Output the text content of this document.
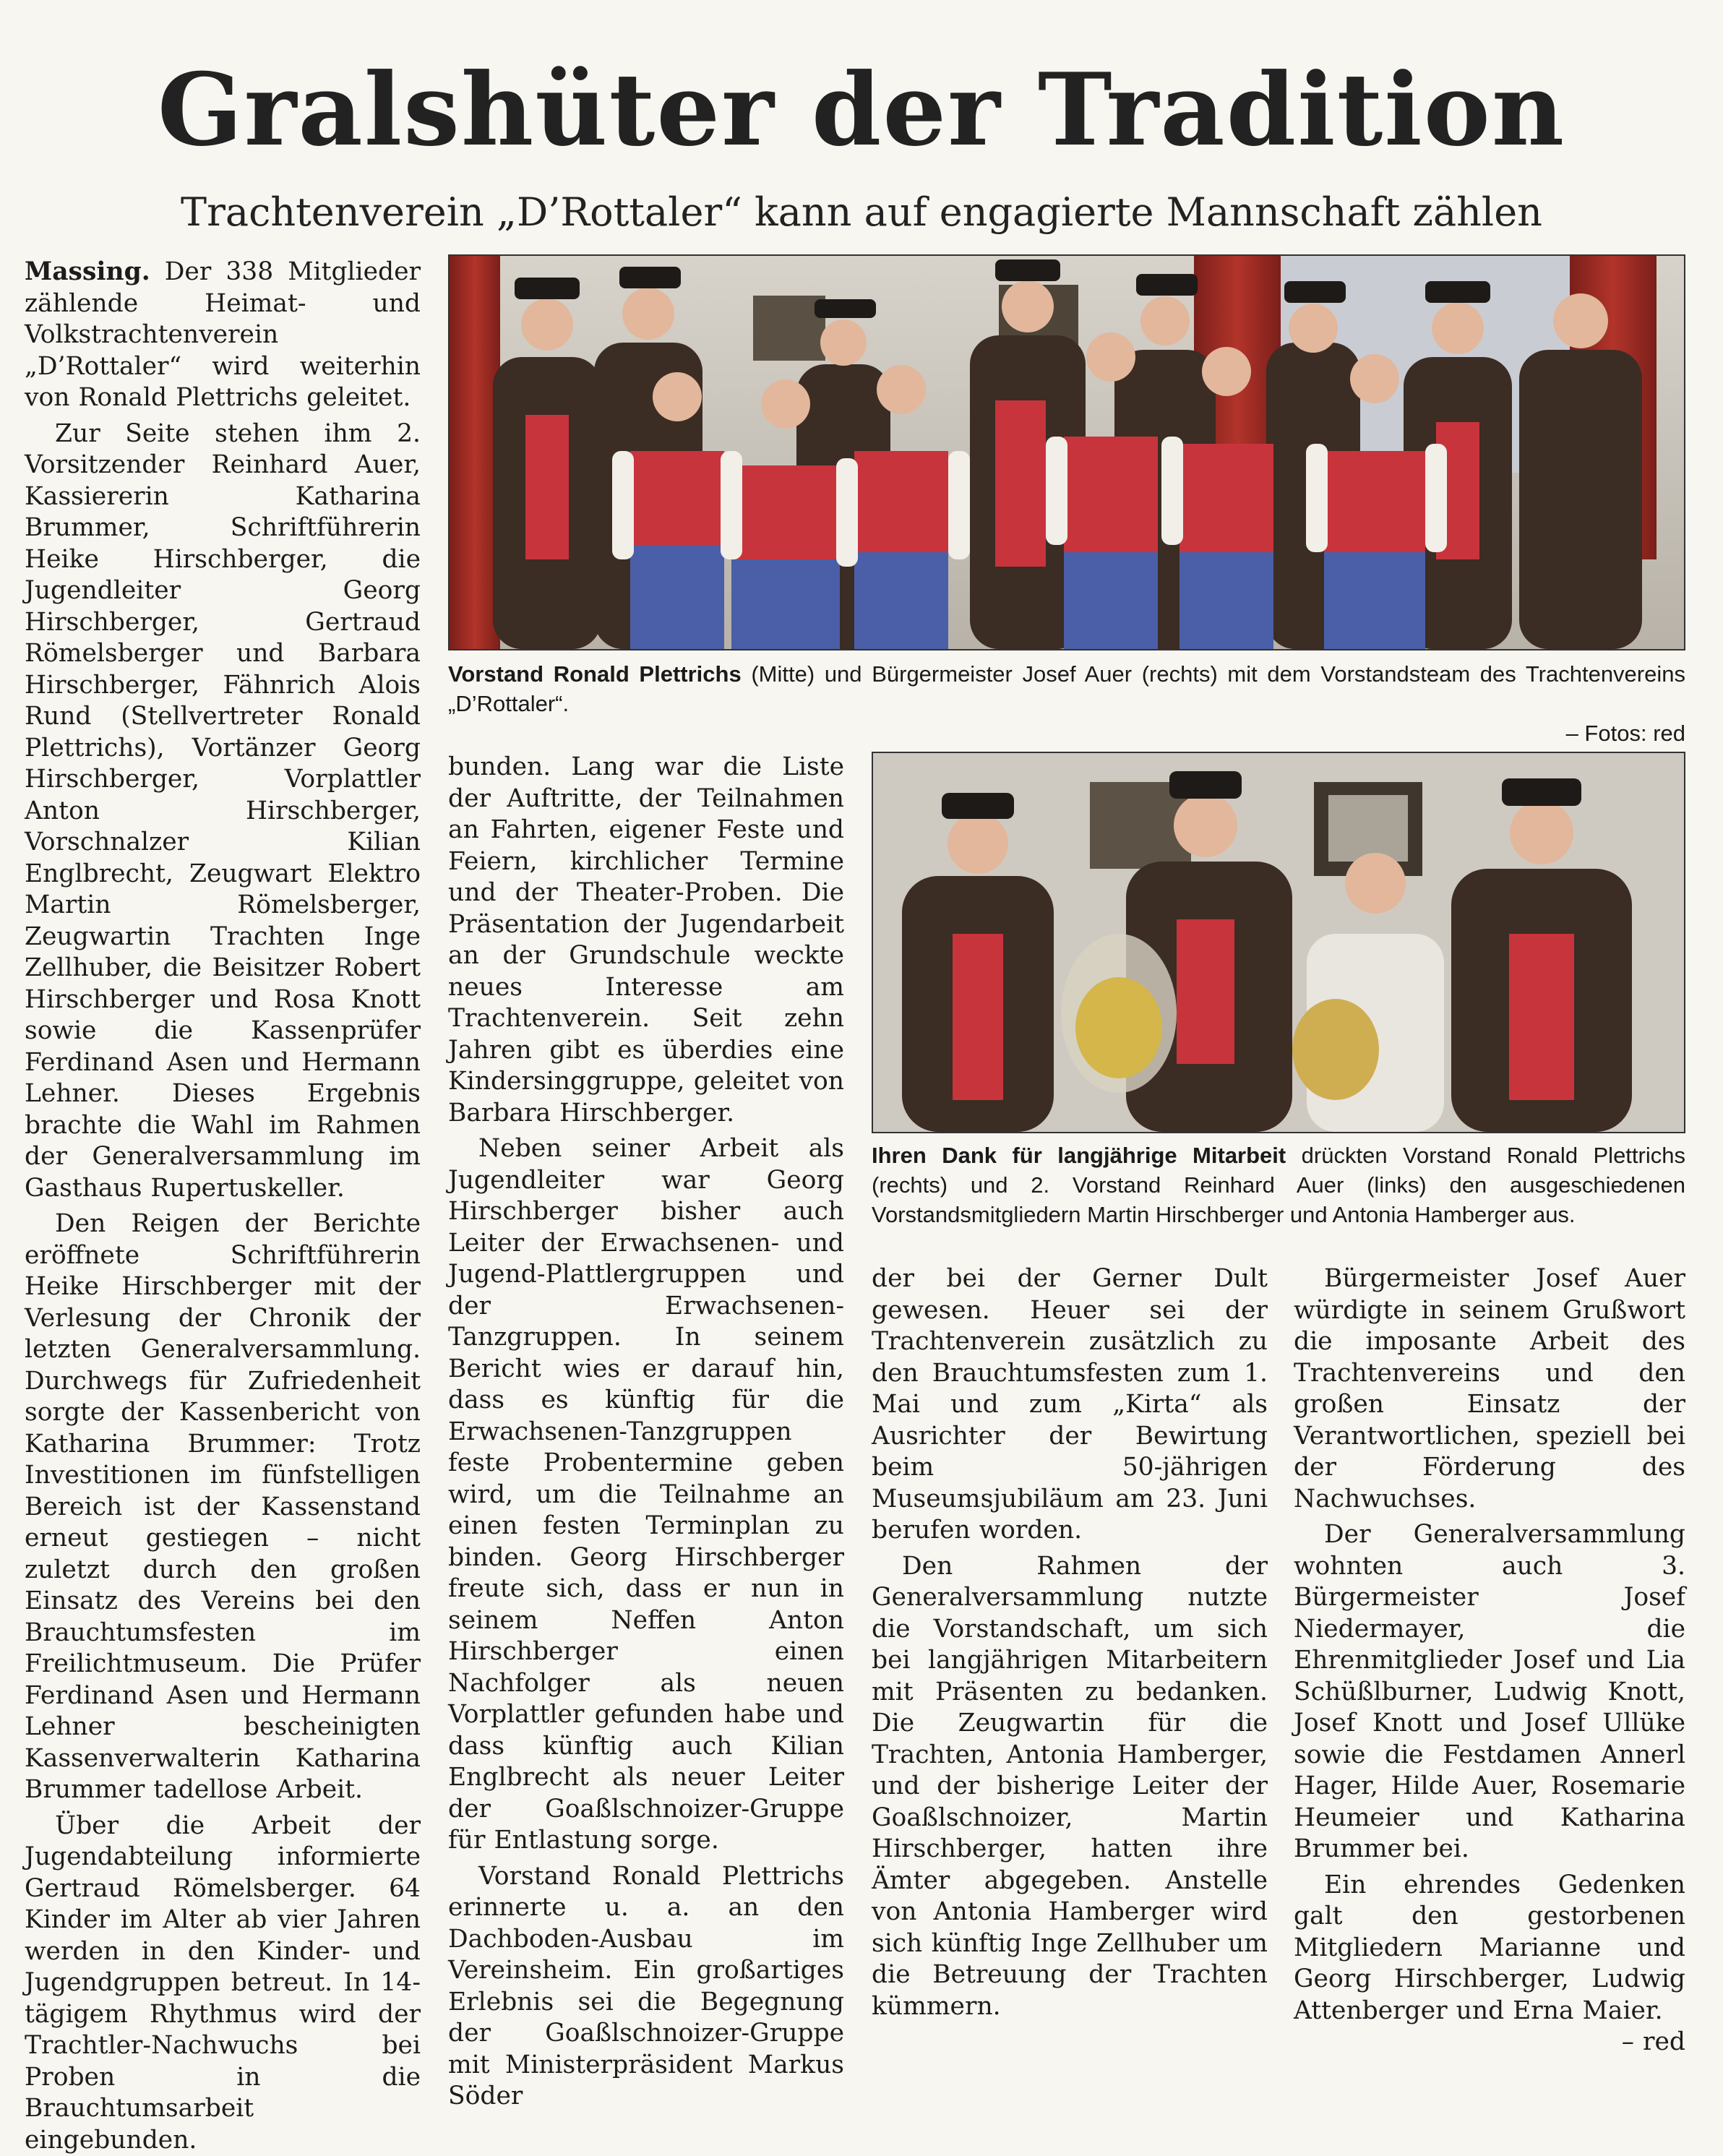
Gralshüter der Tradition
Trachtenverein „D’Rottaler“ kann auf engagierte Mannschaft zählen

Massing. Der 338 Mitglieder zählende Heimat- und Volkstrachtenverein „D’Rottaler“ wird weiterhin von Ronald Plettrichs geleitet.

Zur Seite stehen ihm 2. Vorsitzender Reinhard Auer, Kassiererin Katharina Brummer, Schriftführerin Heike Hirschberger, die Jugendleiter Georg Hirschberger, Gertraud Römelsberger und Barbara Hirschberger, Fähnrich Alois Rund (Stellvertreter Ronald Plettrichs), Vortänzer Georg Hirschberger, Vorplattler Anton Hirschberger, Vorschnalzer Kilian Englbrecht, Zeugwart Elektro Martin Römelsberger, Zeugwartin Trachten Inge Zellhuber, die Beisitzer Robert Hirschberger und Rosa Knott sowie die Kassenprüfer Ferdinand Asen und Hermann Lehner. Dieses Ergebnis brachte die Wahl im Rahmen der Generalversammlung im Gasthaus Rupertuskeller.

Den Reigen der Berichte eröffnete Schriftführerin Heike Hirschberger mit der Verlesung der Chronik der letzten Generalversammlung. Durchwegs für Zufriedenheit sorgte der Kassenbericht von Katharina Brummer: Trotz Investitionen im fünfstelligen Bereich ist der Kassenstand erneut gestiegen – nicht zuletzt durch den großen Einsatz des Vereins bei den Brauchtumsfesten im Freilichtmuseum. Die Prüfer Ferdinand Asen und Hermann Lehner bescheinigten Kassenverwalterin Katharina Brummer tadellose Arbeit.

Über die Arbeit der Jugendabteilung informierte Gertraud Römelsberger. 64 Kinder im Alter ab vier Jahren werden in den Kinder- und Jugendgruppen betreut. In 14-tägigem Rhythmus wird der Trachtler-Nachwuchs bei Proben in die Brauchtumsarbeit eingebunden.

Vorstand Ronald Plettrichs (Mitte) und Bürgermeister Josef Auer (rechts) mit dem Vorstandsteam des Trachtenvereins „D’Rottaler“.
– Fotos: red

bunden. Lang war die Liste der Auftritte, der Teilnahmen an Fahrten, eigener Feste und Feiern, kirchlicher Termine und der Theater-Proben. Die Präsentation der Jugendarbeit an der Grundschule weckte neues Interesse am Trachtenverein. Seit zehn Jahren gibt es überdies eine Kindersinggruppe, geleitet von Barbara Hirschberger.

Neben seiner Arbeit als Jugendleiter war Georg Hirschberger bisher auch Leiter der Erwachsenen- und Jugend-Plattlergruppen und der Erwachsenen-Tanzgruppen. In seinem Bericht wies er darauf hin, dass es künftig für die Erwachsenen-Tanzgruppen feste Probentermine geben wird, um die Teilnahme an einen festen Terminplan zu binden. Georg Hirschberger freute sich, dass er nun in seinem Neffen Anton Hirschberger einen Nachfolger als neuen Vorplattler gefunden habe und dass künftig auch Kilian Englbrecht als neuer Leiter der Goaßlschnoizer-Gruppe für Entlastung sorge.

Vorstand Ronald Plettrichs erinnerte u. a. an den Dachboden-Ausbau im Vereinsheim. Ein großartiges Erlebnis sei die Begegnung der Goaßlschnoizer-Gruppe mit Ministerpräsident Markus Söder

Ihren Dank für langjährige Mitarbeit drückten Vorstand Ronald Plettrichs (rechts) und 2. Vorstand Reinhard Auer (links) den ausgeschiedenen Vorstandsmitgliedern Martin Hirschberger und Antonia Hamberger aus.

der bei der Gerner Dult gewesen. Heuer sei der Trachtenverein zusätzlich zu den Brauchtumsfesten zum 1. Mai und zum „Kirta“ als Ausrichter der Bewirtung beim 50-jährigen Museumsjubiläum am 23. Juni berufen worden.

Den Rahmen der Generalversammlung nutzte die Vorstandschaft, um sich bei langjährigen Mitarbeitern mit Präsenten zu bedanken. Die Zeugwartin für die Trachten, Antonia Hamberger, und der bisherige Leiter der Goaßlschnoizer, Martin Hirschberger, hatten ihre Ämter abgegeben. Anstelle von Antonia Hamberger wird sich künftig Inge Zellhuber um die Betreuung der Trachten kümmern.

Bürgermeister Josef Auer würdigte in seinem Grußwort die imposante Arbeit des Trachtenvereins und den großen Einsatz der Verantwortlichen, speziell bei der Förderung des Nachwuchses.

Der Generalversammlung wohnten auch 3. Bürgermeister Josef Niedermayer, die Ehrenmitglieder Josef und Lia Schüßlburner, Ludwig Knott, Josef Knott und Josef Ullüke sowie die Festdamen Annerl Hager, Hilde Auer, Rosemarie Heumeier und Katharina Brummer bei.

Ein ehrendes Gedenken galt den gestorbenen Mitgliedern Marianne und Georg Hirschberger, Ludwig Attenberger und Erna Maier.

– red
